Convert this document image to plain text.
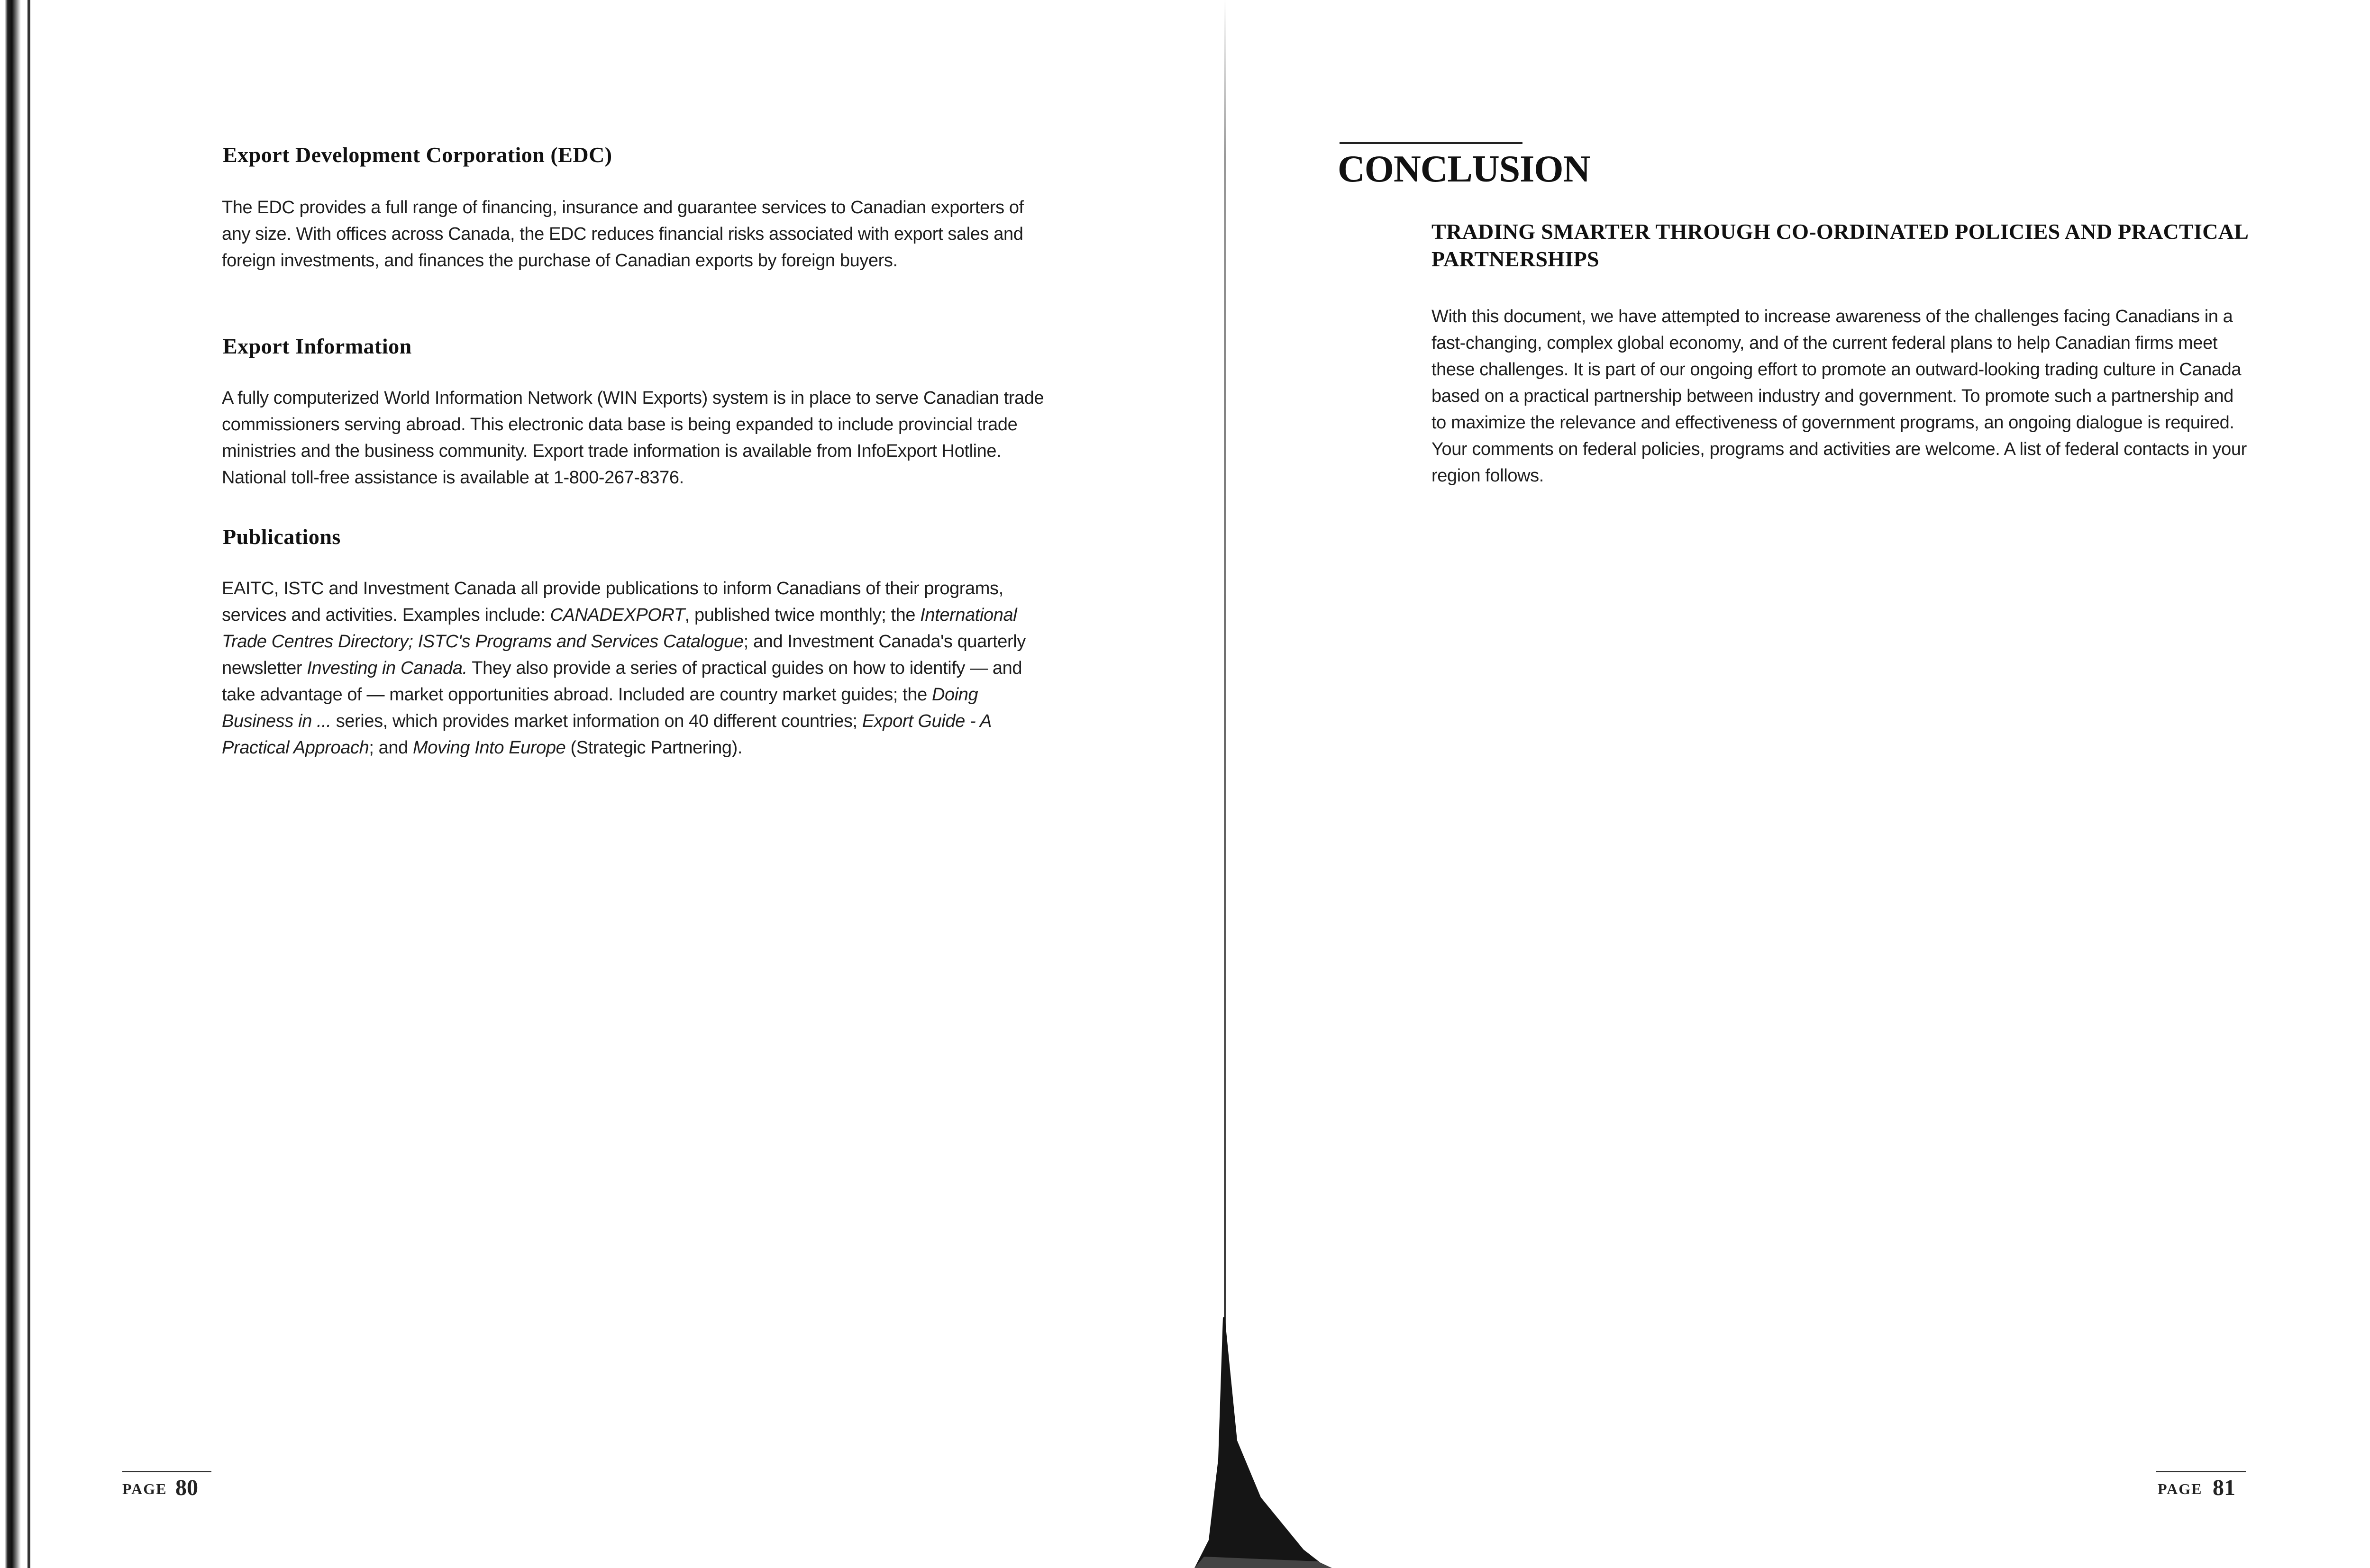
Export Development Corporation (EDC)

The EDC provides a full range of financing, insurance and guarantee services to Canadian exporters of any size. With offices across Canada, the EDC reduces financial risks associated with export sales and foreign investments, and finances the purchase of Canadian exports by foreign buyers.

Export Information

A fully computerized World Information Network (WIN Exports) system is in place to serve Canadian trade commissioners serving abroad. This electronic data base is being expanded to include provincial trade ministries and the business community. Export trade information is available from InfoExport Hotline. National toll-free assistance is available at 1-800-267-8376.

Publications

EAITC, ISTC and Investment Canada all provide publications to inform Canadians of their programs, services and activities. Examples include: CANADEXPORT, published twice monthly; the International Trade Centres Directory; ISTC's Programs and Services Catalogue; and Investment Canada's quarterly newsletter Investing in Canada. They also provide a series of practical guides on how to identify — and take advantage of — market opportunities abroad. Included are country market guides; the Doing Business in ... series, which provides market information on 40 different countries; Export Guide - A Practical Approach; and Moving Into Europe (Strategic Partnering).

PAGE 80
CONCLUSION
TRADING SMARTER THROUGH CO-ORDINATED POLICIES AND PRACTICAL PARTNERSHIPS

With this document, we have attempted to increase awareness of the challenges facing Canadians in a fast-changing, complex global economy, and of the current federal plans to help Canadian firms meet these challenges. It is part of our ongoing effort to promote an outward-looking trading culture in Canada based on a practical partnership between industry and government. To promote such a partnership and to maximize the relevance and effectiveness of government programs, an ongoing dialogue is required. Your comments on federal policies, programs and activities are welcome. A list of federal contacts in your region follows.

PAGE 81
